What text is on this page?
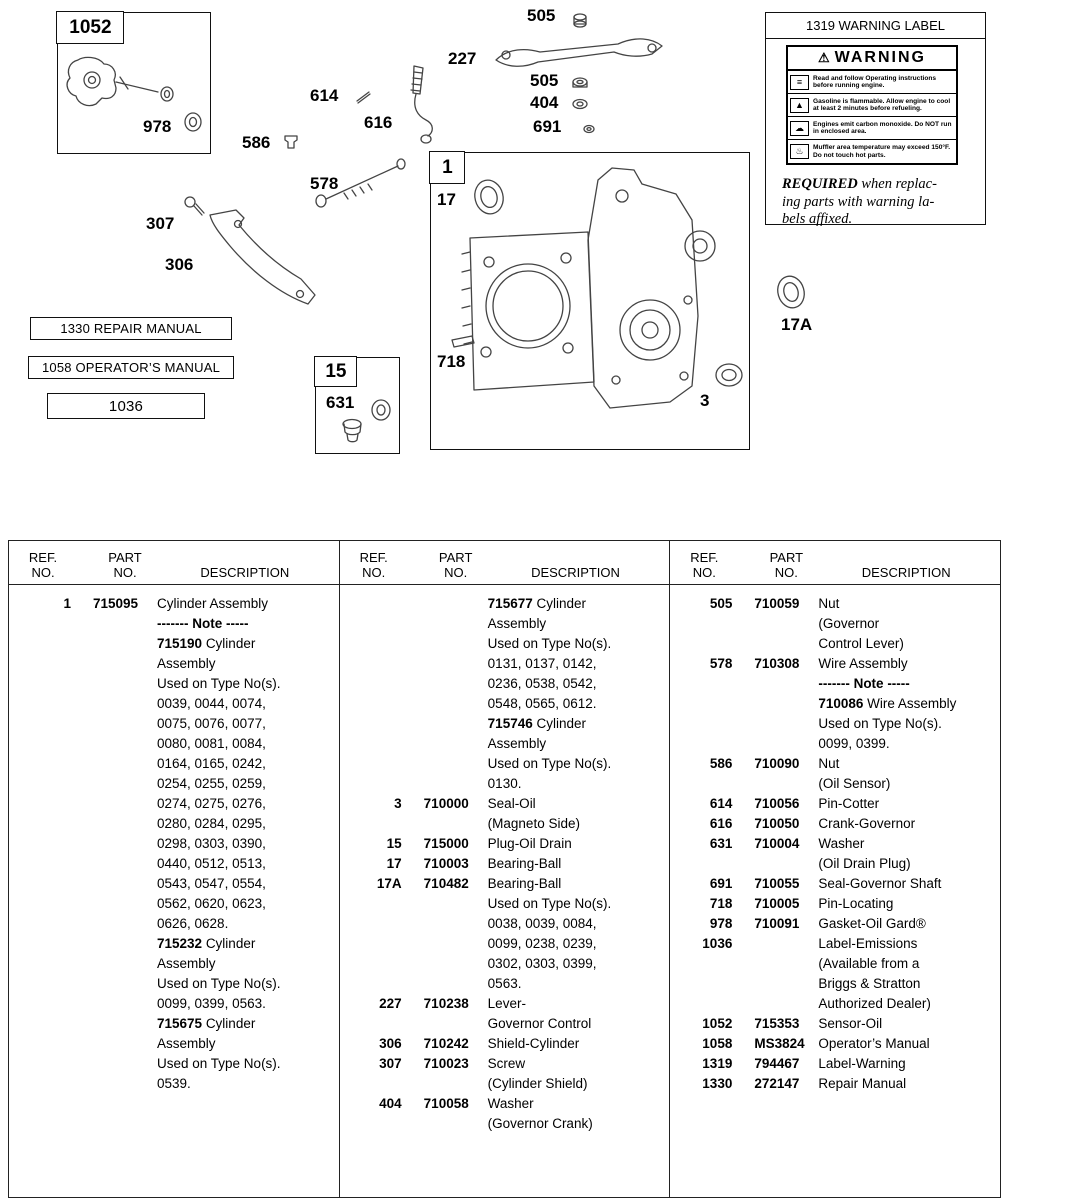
1052
1
15
978
586
614
616
578
307
306
505
227
505
404
691
17
718
3
17A
631
1330 REPAIR MANUAL
1058 OPERATOR’S MANUAL
1036
1319 WARNING LABEL
⚠ WARNING
≡	Read and follow Operating instructions before running engine.
▲	Gasoline is flammable. Allow engine to cool at least 2 minutes before refueling.
☁	Engines emit carbon monoxide. Do NOT run in enclosed area.
♨	Muffler area temperature may exceed 150°F. Do not touch hot parts.
REQUIRED when replac-
ing parts with warning la-
bels affixed.
REF.
NO.
PART
NO.	DESCRIPTION
1 715095	Cylinder Assembly
------- Note -----
715190 Cylinder
Assembly
Used on Type No(s).
0039, 0044, 0074,
0075, 0076, 0077,
0080, 0081, 0084,
0164, 0165, 0242,
0254, 0255, 0259,
0274, 0275, 0276,
0280, 0284, 0295,
0298, 0303, 0390,
0440, 0512, 0513,
0543, 0547, 0554,
0562, 0620, 0623,
0626, 0628.
715232 Cylinder
Assembly
Used on Type No(s).
0099, 0399, 0563.
715675 Cylinder
Assembly
Used on Type No(s).
0539.
REF.
NO.
PART
NO.	DESCRIPTION
715677 Cylinder
Assembly
Used on Type No(s).
0131, 0137, 0142,
0236, 0538, 0542,
0548, 0565, 0612.
715746 Cylinder
Assembly
Used on Type No(s).
0130.
3 710000	Seal-Oil
(Magneto Side)
15 715000	Plug-Oil Drain
17 710003	Bearing-Ball
17A 710482	Bearing-Ball
Used on Type No(s).
0038, 0039, 0084,
0099, 0238, 0239,
0302, 0303, 0399,
0563.
227 710238	Lever-
Governor Control
306 710242	Shield-Cylinder
307 710023	Screw
(Cylinder Shield)
404 710058	Washer
(Governor Crank)
REF.
NO.
PART
NO.	DESCRIPTION
505 710059	Nut
(Governor
Control Lever)
578 710308	Wire Assembly
------- Note -----
710086 Wire Assembly
Used on Type No(s).
0099, 0399.
586 710090	Nut
(Oil Sensor)
614 710056	Pin-Cotter
616 710050	Crank-Governor
631 710004	Washer
(Oil Drain Plug)
691 710055	Seal-Governor Shaft
718 710005	Pin-Locating
978 710091	Gasket-Oil Gard®
1036	Label-Emissions
(Available from a
Briggs & Stratton
Authorized Dealer)
1052 715353	Sensor-Oil
1058 MS3824	Operator’s Manual
1319 794467	Label-Warning
1330 272147	Repair Manual
